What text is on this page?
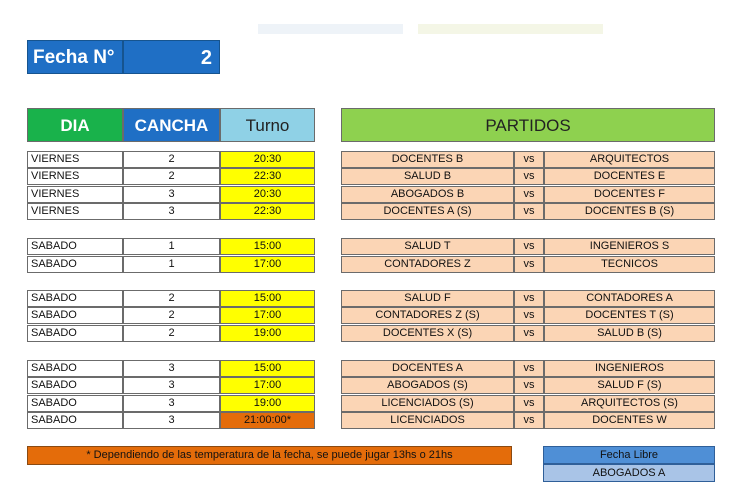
Fecha N°	2
DIA	CANCHA	Turno	PARTIDOS
VIERNES	2	20:30	DOCENTES B	vs	ARQUITECTOS
VIERNES	2	22:30	SALUD B	vs	DOCENTES E
VIERNES	3	20:30	ABOGADOS B	vs	DOCENTES F
VIERNES	3	22:30	DOCENTES A (S)	vs	DOCENTES B (S)
SABADO	1	15:00	SALUD T	vs	INGENIEROS S
SABADO	1	17:00	CONTADORES Z	vs	TECNICOS
SABADO	2	15:00	SALUD F	vs	CONTADORES A
SABADO	2	17:00	CONTADORES Z (S)	vs	DOCENTES T (S)
SABADO	2	19:00	DOCENTES X (S)	vs	SALUD B (S)
SABADO	3	15:00	DOCENTES A	vs	INGENIEROS
SABADO	3	17:00	ABOGADOS (S)	vs	SALUD F (S)
SABADO	3	19:00	LICENCIADOS (S)	vs	ARQUITECTOS (S)
SABADO	3	21:00:00*	LICENCIADOS	vs	DOCENTES W
* Dependiendo de las temperatura de la fecha, se puede jugar 13hs o 21hs	Fecha Libre
ABOGADOS A
